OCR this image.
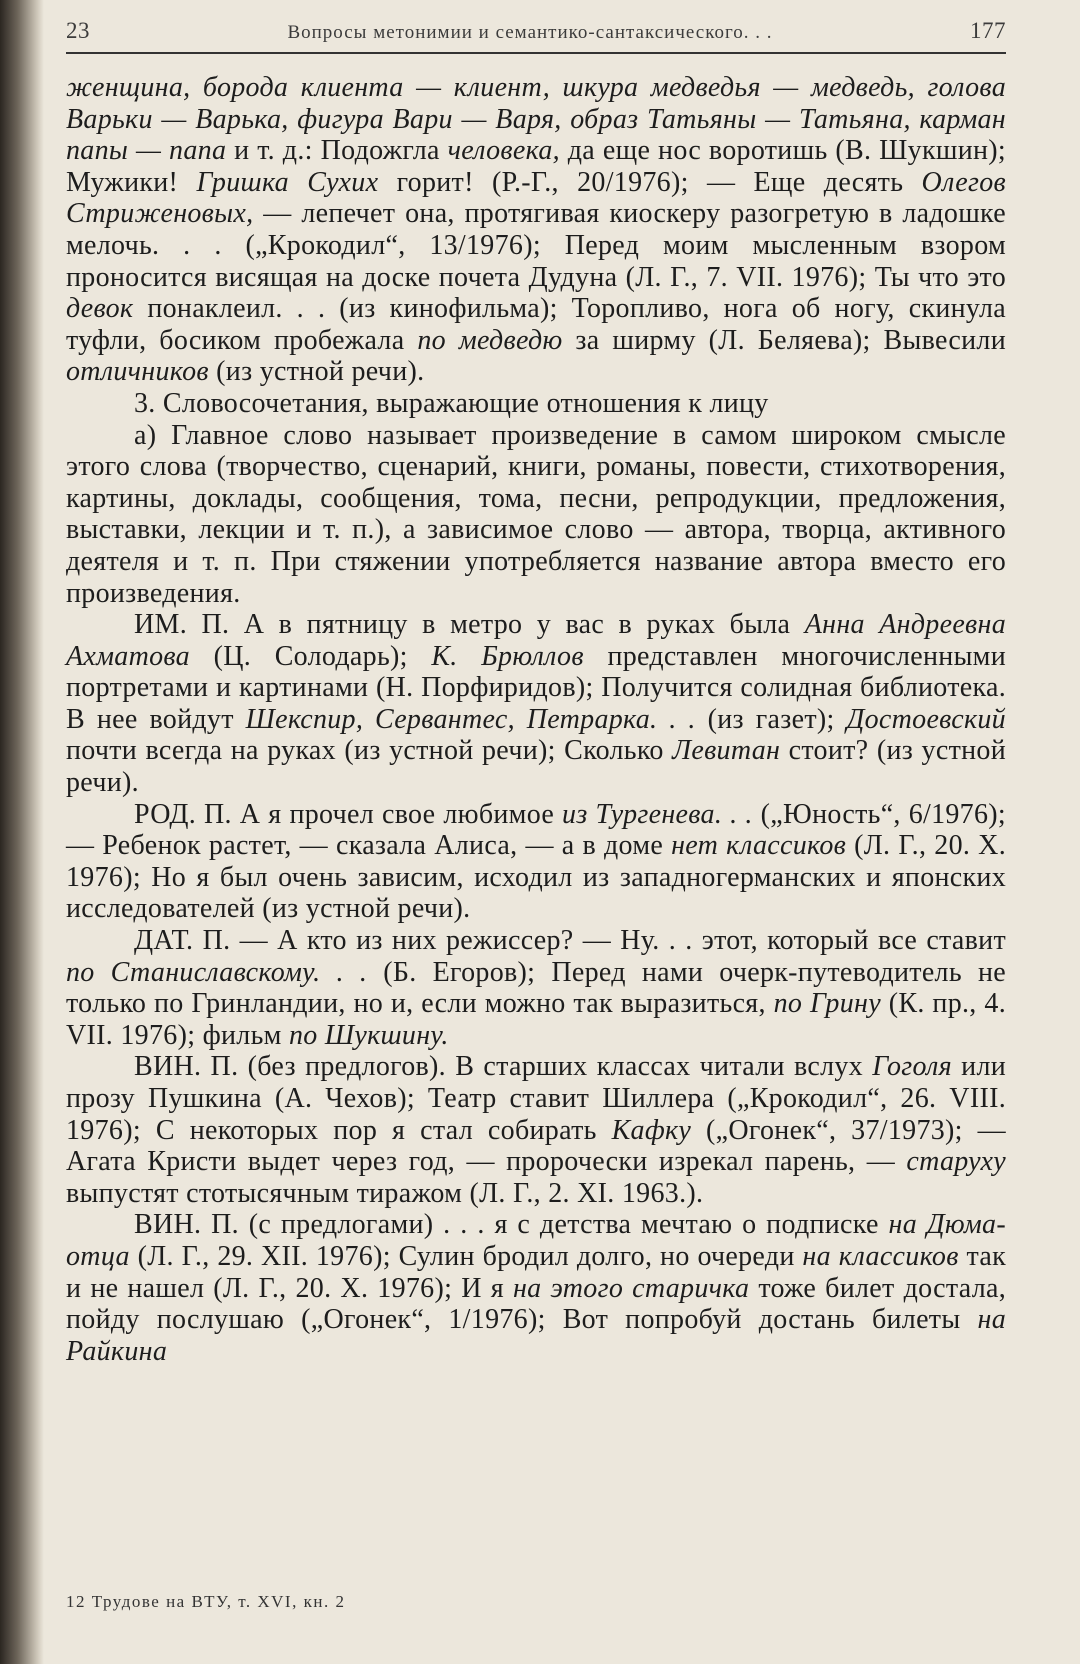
23	Вопросы метонимии и семантико-сантаксического. . .	177

женщина, борода клиента — клиент, шкура медведья — медведь, голова Варьки — Варька, фигура Вари — Варя, образ Татьяны — Татьяна, карман папы — папа и т. д.: Подожгла человека, да еще нос воротишь (В. Шукшин); Мужики! Гришка Сухих горит! (Р.-Г., 20/1976); — Еще десять Олегов Стриженовых, — лепечет она, протягивая киоскеру разогретую в ладошке мелочь. . . („Крокодил“, 13/1976); Перед моим мысленным взором проносится висящая на доске почета Дудуна (Л. Г., 7. VII. 1976); Ты что это девок понаклеил. . . (из кинофильма); Торопливо, нога об ногу, скинула туфли, босиком пробежала по медведю за ширму (Л. Беляева); Вывесили отличников (из устной речи).

3. Словосочетания, выражающие отношения к лицу

а) Главное слово называет произведение в самом широком смысле этого слова (творчество, сценарий, книги, романы, повести, стихотворения, картины, доклады, сообщения, тома, песни, репродукции, предложения, выставки, лекции и т. п.), а зависимое слово — автора, творца, активного деятеля и т. п. При стяжении употребляется название автора вместо его произведения.

ИМ. П. А в пятницу в метро у вас в руках была Анна Андреевна Ахматова (Ц. Солодарь); К. Брюллов представлен многочисленными портретами и картинами (Н. Порфиридов); Получится солидная библиотека. В нее войдут Шекспир, Сервантес, Петрарка. . . (из газет); Достоевский почти всегда на руках (из устной речи); Сколько Левитан стоит? (из устной речи).

РОД. П. А я прочел свое любимое из Тургенева. . . („Юность“, 6/1976); — Ребенок растет, — сказала Алиса, — а в доме нет классиков (Л. Г., 20. X. 1976); Но я был очень зависим, исходил из западногерманских и японских исследователей (из устной речи).

ДАТ. П. — А кто из них режиссер? — Ну. . . этот, который все ставит по Станиславскому. . . (Б. Егоров); Перед нами очерк-путеводитель не только по Гринландии, но и, если можно так выразиться, по Грину (К. пр., 4. VII. 1976); фильм по Шукшину.

ВИН. П. (без предлогов). В старших классах читали вслух Гоголя или прозу Пушкина (А. Чехов); Театр ставит Шиллера („Крокодил“, 26. VIII. 1976); С некоторых пор я стал собирать Кафку („Огонек“, 37/1973); — Агата Кристи выдет через год, — пророчески изрекал парень, — старуху выпустят стотысячным тиражом (Л. Г., 2. XI. 1963.).

ВИН. П. (с предлогами) . . . я с детства мечтаю о подписке на Дюма-отца (Л. Г., 29. XII. 1976); Сулин бродил долго, но очереди на классиков так и не нашел (Л. Г., 20. X. 1976); И я на этого старичка тоже билет достала, пойду послушаю („Огонек“, 1/1976); Вот попробуй достань билеты на Райкина

12 Трудове на ВТУ, т. XVI, кн. 2
